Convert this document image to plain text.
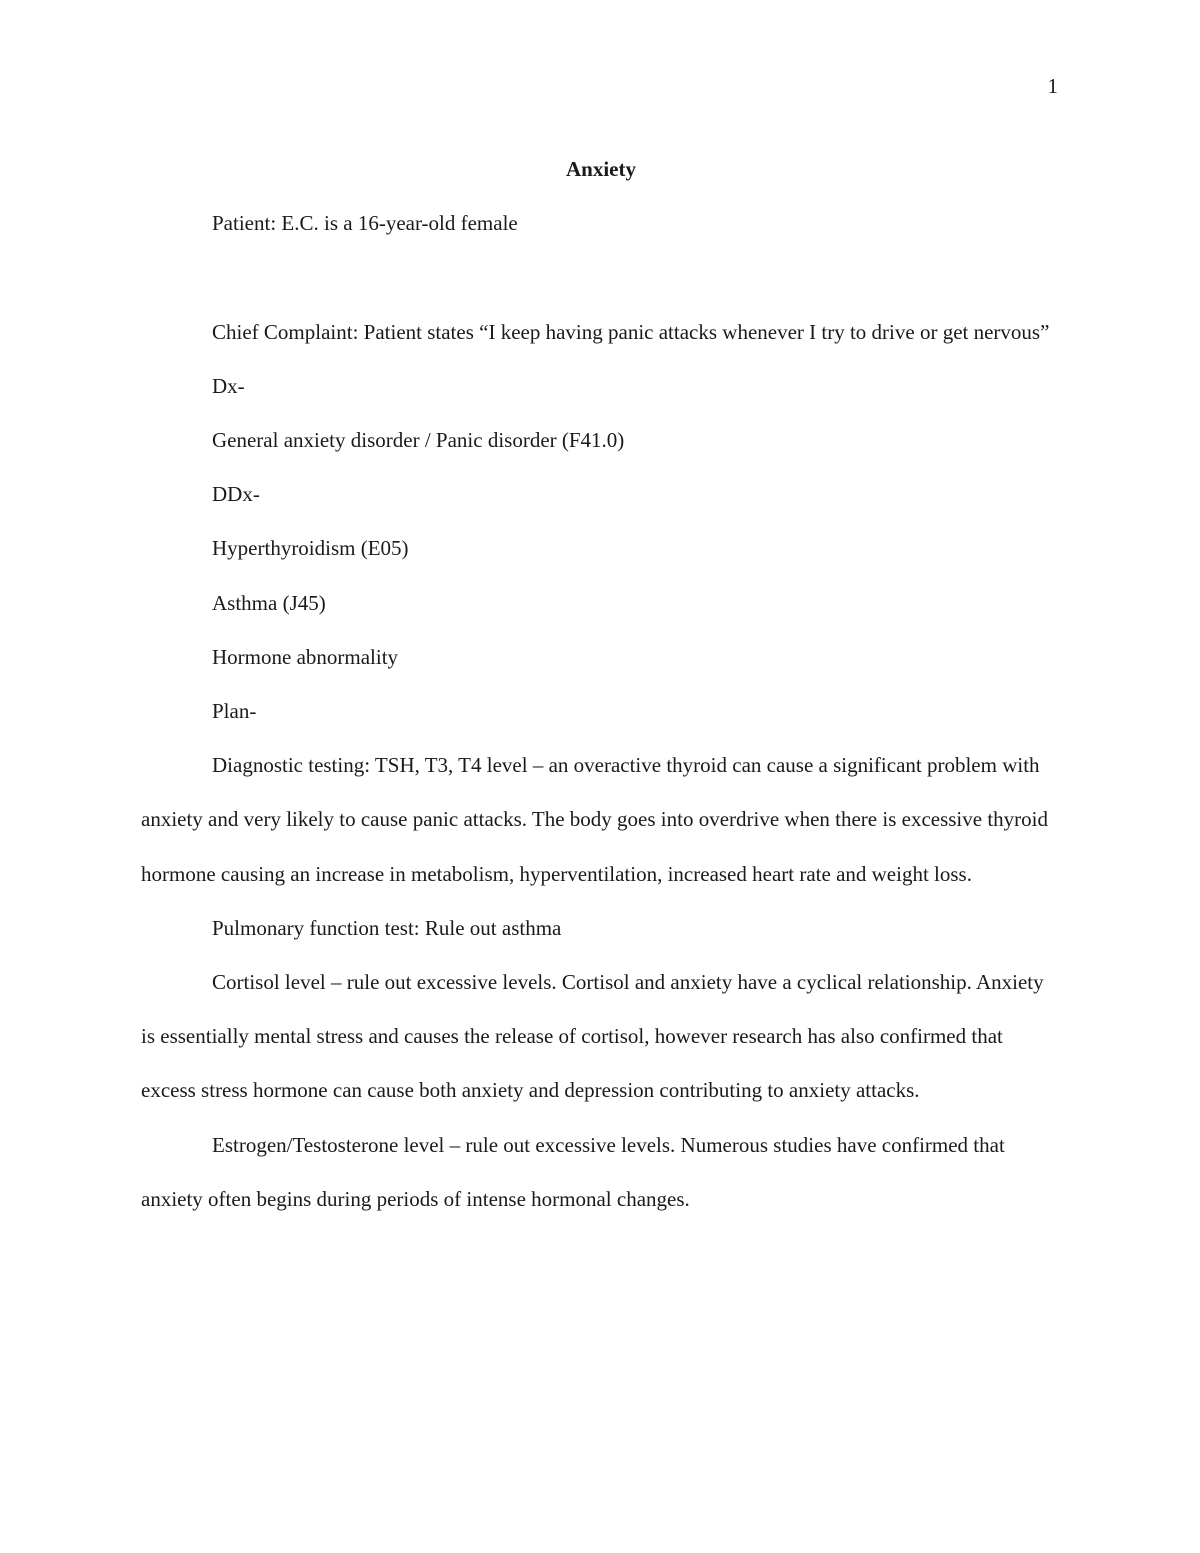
1

Anxiety

Patient: E.C. is a 16-year-old female

Chief Complaint: Patient states “I keep having panic attacks whenever I try to drive or get nervous”

Dx-

General anxiety disorder / Panic disorder (F41.0)

DDx-

Hyperthyroidism (E05)

Asthma (J45)

Hormone abnormality

Plan-

Diagnostic testing: TSH, T3, T4 level – an overactive thyroid can cause a significant problem with anxiety and very likely to cause panic attacks. The body goes into overdrive when there is excessive thyroid hormone causing an increase in metabolism, hyperventilation, increased heart rate and weight loss.

Pulmonary function test: Rule out asthma

Cortisol level – rule out excessive levels. Cortisol and anxiety have a cyclical relationship. Anxiety is essentially mental stress and causes the release of cortisol, however research has also confirmed that excess stress hormone can cause both anxiety and depression contributing to anxiety attacks.

Estrogen/Testosterone level – rule out excessive levels. Numerous studies have confirmed that anxiety often begins during periods of intense hormonal changes.
